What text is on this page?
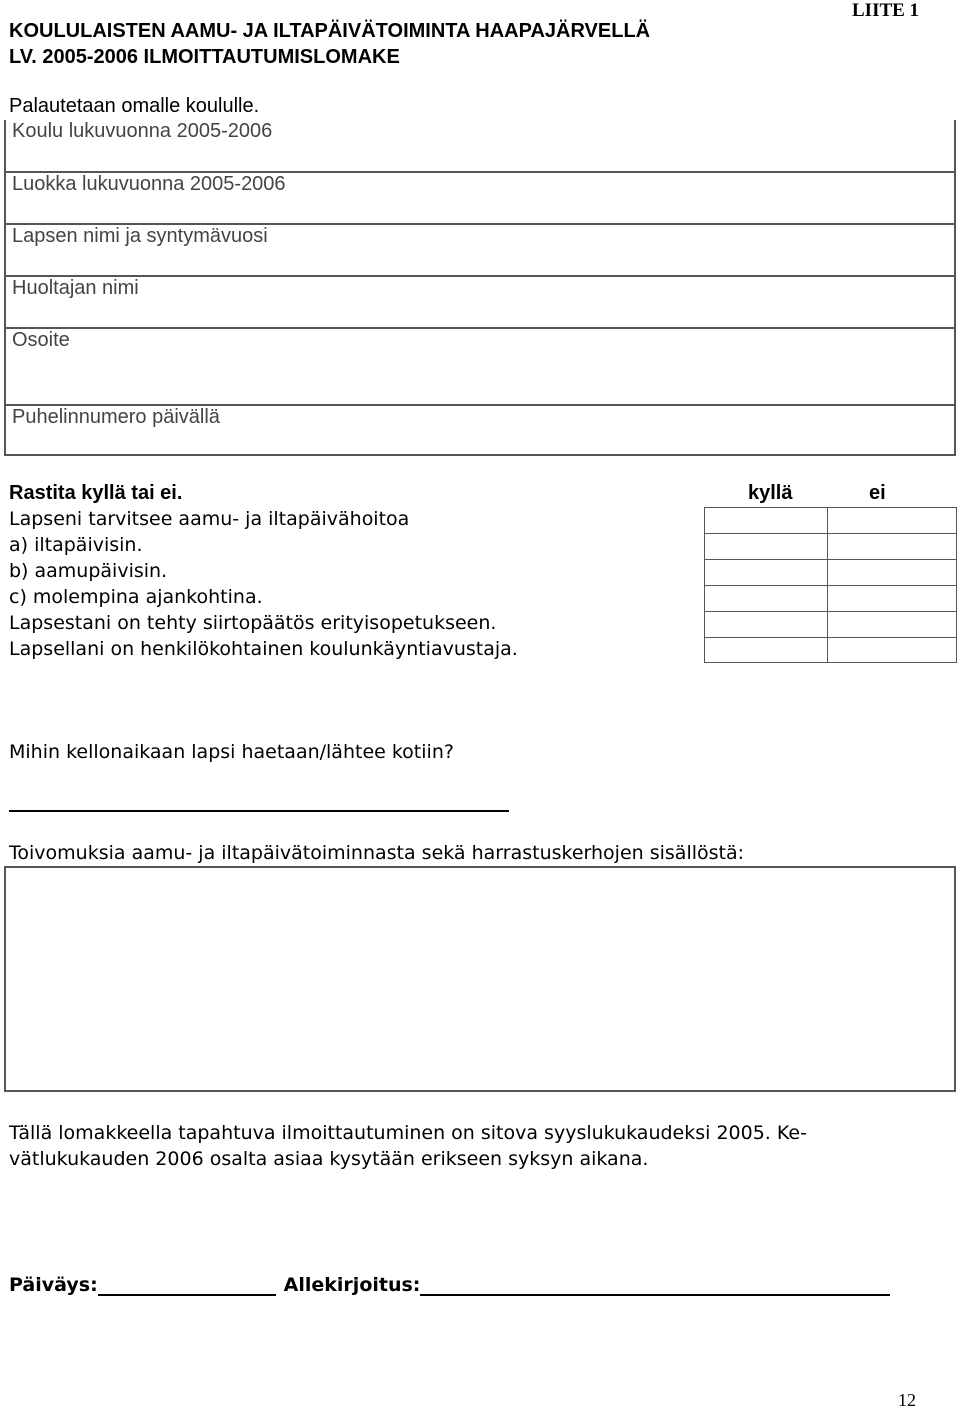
KOULULAISTEN AAMU- JA ILTAPÄIVÄTOIMINTA HAAPAJÄRVELLÄ
LV. 2005-2006 ILMOITTAUTUMISLOMAKE
LIITE 1
Palautetaan omalle koululle.
Koulu lukuvuonna 2005-2006
Luokka lukuvuonna 2005-2006
Lapsen nimi ja syntymävuosi
Huoltajan nimi
Osoite
Puhelinnumero päivällä
Rastita kyllä tai ei.	kyllä	ei
Lapseni tarvitsee aamu- ja iltapäivähoitoa
a) iltapäivisin.
b) aamupäivisin.
c) molempina ajankohtina.
Lapsestani on tehty siirtopäätös erityisopetukseen.
Lapsellani on henkilökohtainen koulunkäyntiavustaja.
Mihin kellonaikaan lapsi haetaan/lähtee kotiin?
Toivomuksia aamu- ja iltapäivätoiminnasta sekä harrastuskerhojen sisällöstä:
Tällä lomakkeella tapahtuva ilmoittautuminen on sitova syyslukukaudeksi 2005. Ke-
vätlukukauden 2006 osalta asiaa kysytään erikseen syksyn aikana.
Päiväys:	Allekirjoitus:
12
